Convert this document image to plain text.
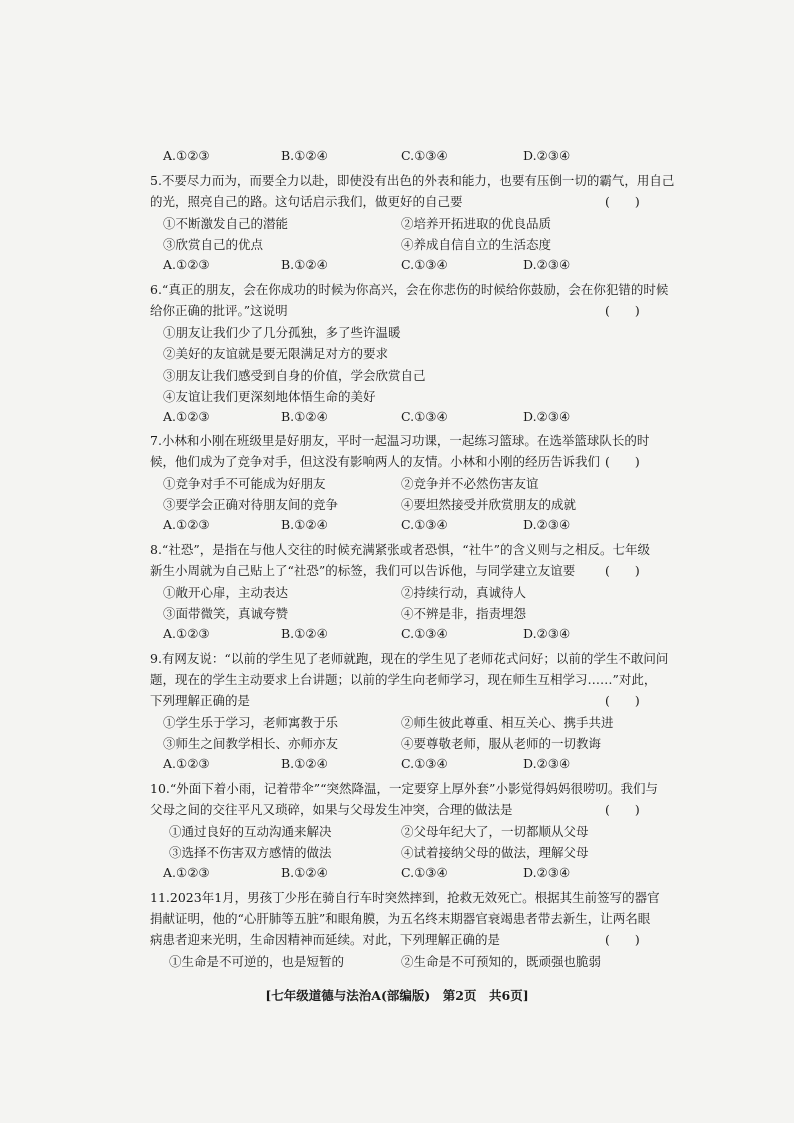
A.①②③	B.①②④	C.①③④	D.②③④
5.不要尽力而为，而要全力以赴，即使没有出色的外表和能力，也要有压倒一切的霸气，用自己
的光，照亮自己的路。这句话启示我们，做更好的自己要	(　　)
①不断激发自己的潜能	②培养开拓进取的优良品质
③欣赏自己的优点	④养成自信自立的生活态度
A.①②③	B.①②④	C.①③④	D.②③④
6.“真正的朋友，会在你成功的时候为你高兴，会在你悲伤的时候给你鼓励，会在你犯错的时候
给你正确的批评。”这说明	(　　)
①朋友让我们少了几分孤独，多了些许温暖
②美好的友谊就是要无限满足对方的要求
③朋友让我们感受到自身的价值，学会欣赏自己
④友谊让我们更深刻地体悟生命的美好
A.①②③	B.①②④	C.①③④	D.②③④
7.小林和小刚在班级里是好朋友，平时一起温习功课，一起练习篮球。在选举篮球队长的时
候，他们成为了竞争对手，但这没有影响两人的友情。小林和小刚的经历告诉我们 (　　)
①竞争对手不可能成为好朋友	②竞争并不必然伤害友谊
③要学会正确对待朋友间的竞争	④要坦然接受并欣赏朋友的成就
A.①②③	B.①②④	C.①③④	D.②③④
8.“社恐”，是指在与他人交往的时候充满紧张或者恐惧，“社牛”的含义则与之相反。七年级
新生小周就为自己贴上了“社恐”的标签，我们可以告诉他，与同学建立友谊要	(　　)
①敞开心扉，主动表达	②持续行动，真诚待人
③面带微笑，真诚夸赞	④不辨是非，指责埋怨
A.①②③	B.①②④	C.①③④	D.②③④
9.有网友说：“以前的学生见了老师就跑，现在的学生见了老师花式问好；以前的学生不敢问问
题，现在的学生主动要求上台讲题；以前的学生向老师学习，现在师生互相学习……”对此，
下列理解正确的是	(　　)
①学生乐于学习，老师寓教于乐	②师生彼此尊重、相互关心、携手共进
③师生之间教学相长、亦师亦友	④要尊敬老师，服从老师的一切教诲
A.①②③	B.①②④	C.①③④	D.②③④
10.“外面下着小雨，记着带伞”“突然降温，一定要穿上厚外套”小影觉得妈妈很唠叨。我们与
父母之间的交往平凡又琐碎，如果与父母发生冲突，合理的做法是	(　　)
①通过良好的互动沟通来解决	②父母年纪大了，一切都顺从父母
③选择不伤害双方感情的做法	④试着接纳父母的做法，理解父母
A.①②③	B.①②④	C.①③④	D.②③④
11.2023年1月，男孩丁少彤在骑自行车时突然摔到，抢救无效死亡。根据其生前签写的器官
捐献证明，他的“心肝肺等五脏”和眼角膜，为五名终末期器官衰竭患者带去新生，让两名眼
病患者迎来光明，生命因精神而延续。对此，下列理解正确的是	(　　)
①生命是不可逆的，也是短暂的	②生命是不可预知的，既顽强也脆弱
[七年级道德与法治A(部编版)　第2页　共6页]
